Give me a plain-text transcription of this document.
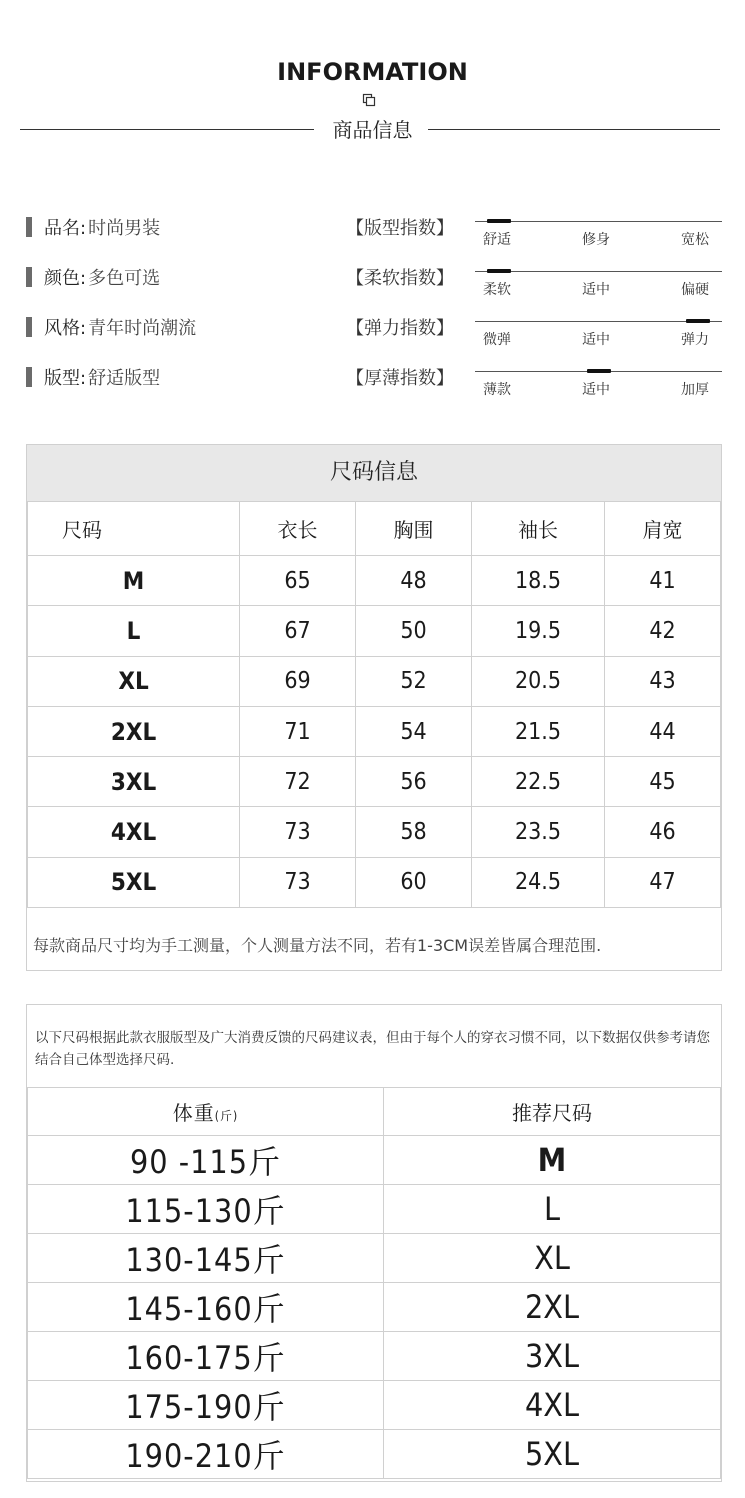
INFORMATION
商品信息
品名: 时尚男装
颜色: 多色可选
风格: 青年时尚潮流
版型: 舒适版型
【版型指数】
舒适	修身	宽松
【柔软指数】
柔软	适中	偏硬
【弹力指数】
微弹	适中	弹力
【厚薄指数】
薄款	适中	加厚
尺码信息
尺码	衣长	胸围	袖长	肩宽
M	65	48	18.5	41
L	67	50	19.5	42
XL	69	52	20.5	43
2XL	71	54	21.5	44
3XL	72	56	22.5	45
4XL	73	58	23.5	46
5XL	73	60	24.5	47
每款商品尺寸均为手工测量，个人测量方法不同，若有1-3CM误差皆属合理范围.
以下尺码根据此款衣服版型及广大消费反馈的尺码建议表，但由于每个人的穿衣习惯不同，以下数据仅供参考请您结合自己体型选择尺码.
体重(斤)	推荐尺码
90 -115斤	M
115-130斤	L
130-145斤	XL
145-160斤	2XL
160-175斤	3XL
175-190斤	4XL
190-210斤	5XL
